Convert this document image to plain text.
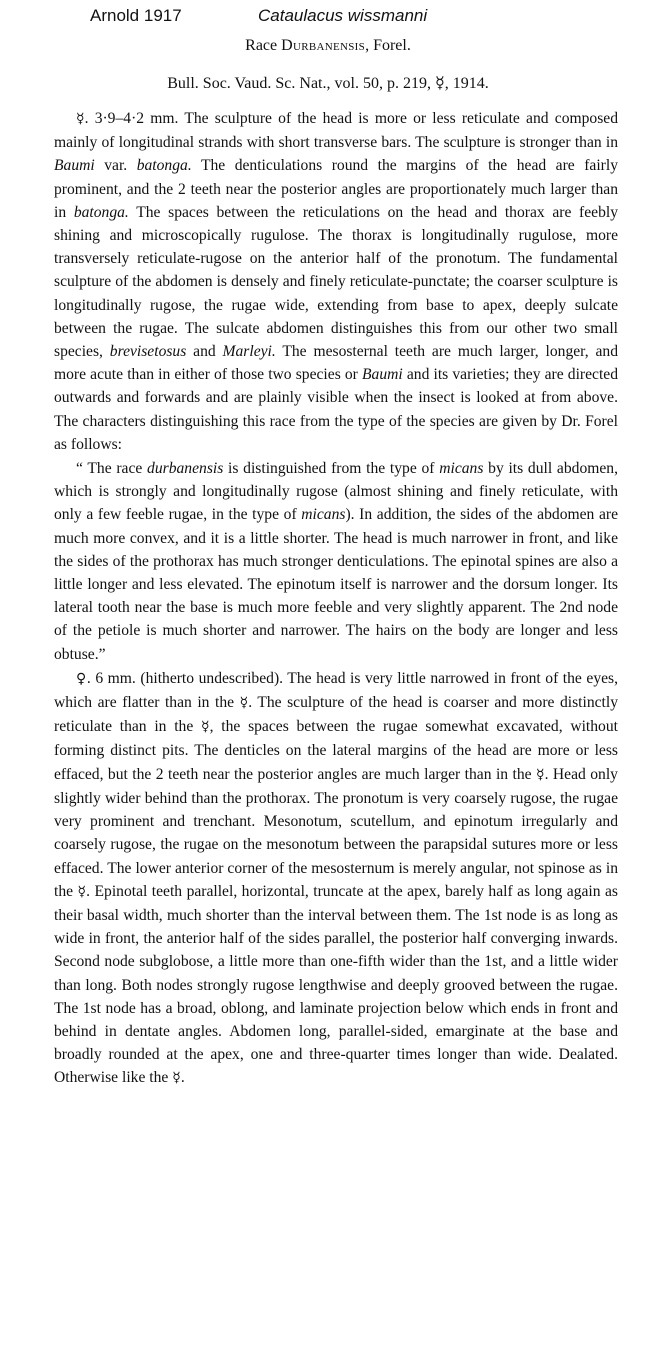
Arnold 1917	Cataulacus wissmanni
Race Durbanensis, Forel.
Bull. Soc. Vaud. Sc. Nat., vol. 50, p. 219, ☿, 1914.

☿. 3·9–4·2 mm. The sculpture of the head is more or less reticulate and composed mainly of longitudinal strands with short transverse bars. The sculpture is stronger than in Baumi var. batonga. The denticulations round the margins of the head are fairly prominent, and the 2 teeth near the posterior angles are proportionately much larger than in batonga. The spaces between the reticulations on the head and thorax are feebly shining and microscopically rugulose. The thorax is longitudinally rugulose, more transversely reticulate-rugose on the anterior half of the pronotum. The fundamental sculpture of the abdomen is densely and finely reticulate-punctate; the coarser sculpture is longitudinally rugose, the rugae wide, extending from base to apex, deeply sulcate between the rugae. The sulcate abdomen distinguishes this from our other two small species, brevisetosus and Marleyi. The mesosternal teeth are much larger, longer, and more acute than in either of those two species or Baumi and its varieties; they are directed outwards and forwards and are plainly visible when the insect is looked at from above. The characters distinguishing this race from the type of the species are given by Dr. Forel as follows:

“ The race durbanensis is distinguished from the type of micans by its dull abdomen, which is strongly and longitudinally rugose (almost shining and finely reticulate, with only a few feeble rugae, in the type of micans). In addition, the sides of the abdomen are much more convex, and it is a little shorter. The head is much narrower in front, and like the sides of the prothorax has much stronger denticulations. The epinotal spines are also a little longer and less elevated. The epinotum itself is narrower and the dorsum longer. Its lateral tooth near the base is much more feeble and very slightly apparent. The 2nd node of the petiole is much shorter and narrower. The hairs on the body are longer and less obtuse.”

♀. 6 mm. (hitherto undescribed). The head is very little narrowed in front of the eyes, which are flatter than in the ☿. The sculpture of the head is coarser and more distinctly reticulate than in the ☿, the spaces between the rugae somewhat excavated, without forming distinct pits. The denticles on the lateral margins of the head are more or less effaced, but the 2 teeth near the posterior angles are much larger than in the ☿. Head only slightly wider behind than the prothorax. The pronotum is very coarsely rugose, the rugae very prominent and trenchant. Mesonotum, scutellum, and epinotum irregularly and coarsely rugose, the rugae on the mesonotum between the parapsidal sutures more or less effaced. The lower anterior corner of the mesosternum is merely angular, not spinose as in the ☿. Epinotal teeth parallel, horizontal, truncate at the apex, barely half as long again as their basal width, much shorter than the interval between them. The 1st node is as long as wide in front, the anterior half of the sides parallel, the posterior half converging inwards. Second node subglobose, a little more than one-fifth wider than the 1st, and a little wider than long. Both nodes strongly rugose lengthwise and deeply grooved between the rugae. The 1st node has a broad, oblong, and laminate projection below which ends in front and behind in dentate angles. Abdomen long, parallel-sided, emarginate at the base and broadly rounded at the apex, one and three-quarter times longer than wide. Dealated. Otherwise like the ☿.
